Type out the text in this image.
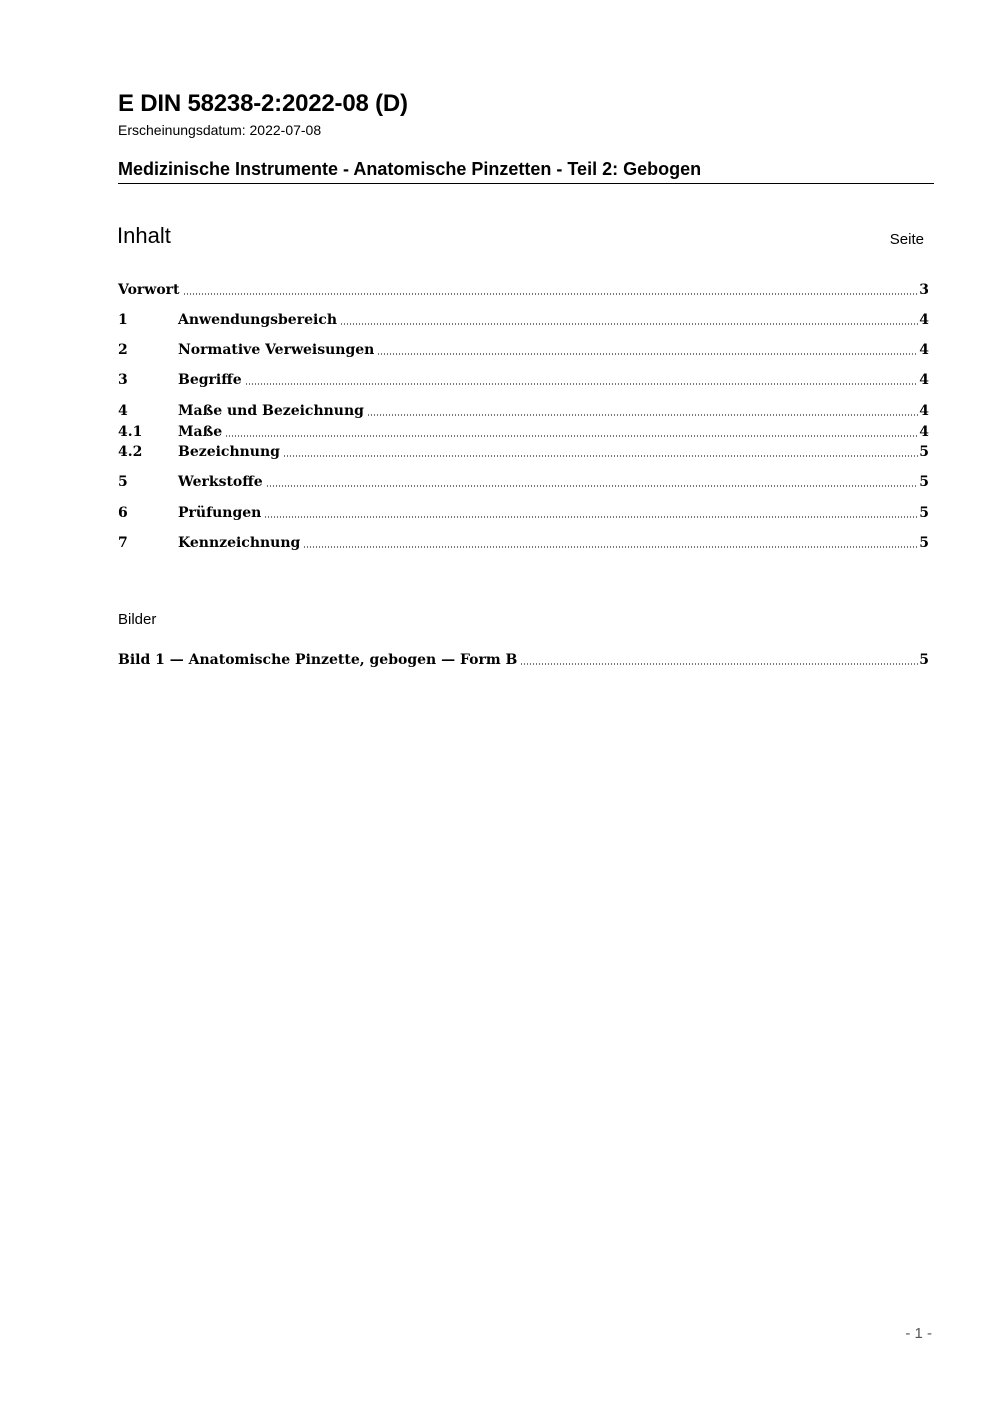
E DIN 58238-2:2022-08 (D)
Erscheinungsdatum: 2022-07-08
Medizinische Instrumente - Anatomische Pinzetten - Teil 2: Gebogen
Inhalt	Seite
Vorwort	3
1	Anwendungsbereich	4
2	Normative Verweisungen	4
3	Begriffe	4
4	Maße und Bezeichnung	4
4.1	Maße	4
4.2	Bezeichnung	5
5	Werkstoffe	5
6	Prüfungen	5
7	Kennzeichnung	5
Bilder
Bild 1 — Anatomische Pinzette, gebogen — Form B	5
- 1 -
